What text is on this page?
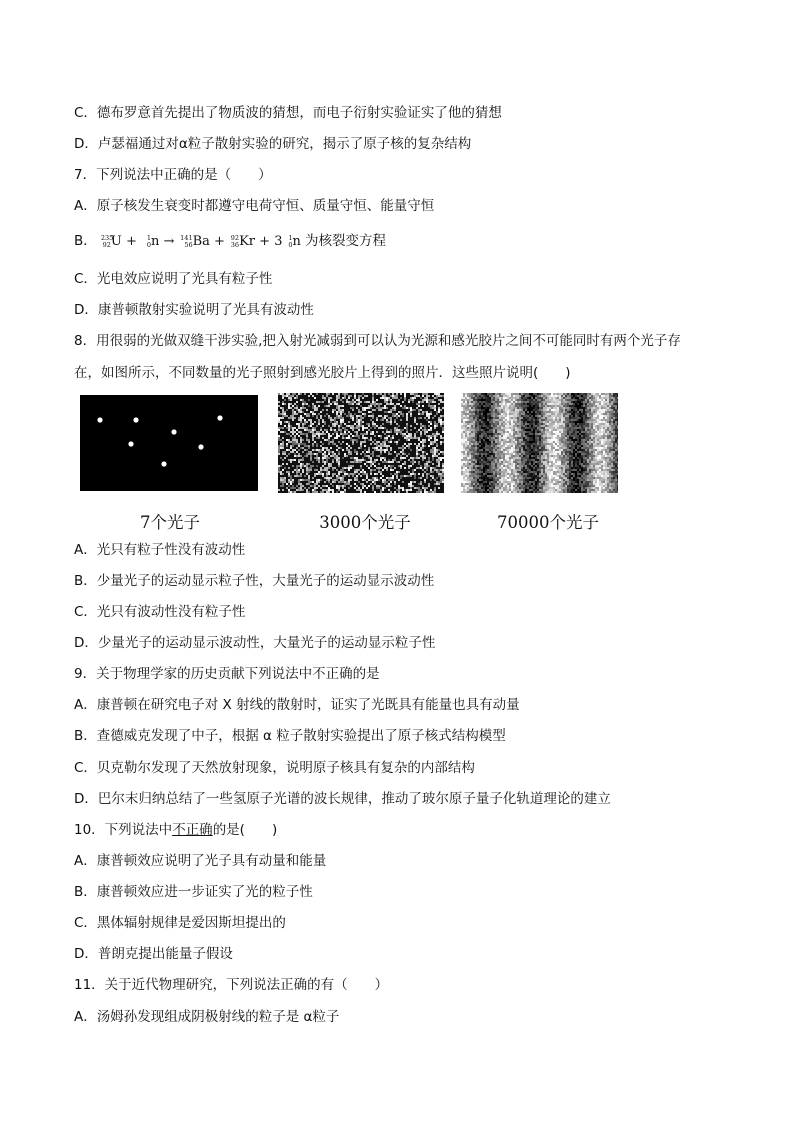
C．德布罗意首先提出了物质波的猜想，而电子衍射实验证实了他的猜想
D．卢瑟福通过对α粒子散射实验的研究，揭示了原子核的复杂结构
7．下列说法中正确的是（　　）
A．原子核发生衰变时都遵守电荷守恒、质量守恒、能量守恒
B． 235
92U + 1
0n → 141
56Ba + 92
36Kr + 3 1
0n 为核裂变方程
C．光电效应说明了光具有粒子性
D．康普顿散射实验说明了光具有波动性
8．用很弱的光做双缝干涉实验,把入射光减弱到可以认为光源和感光胶片之间不可能同时有两个光子存
在，如图所示，不同数量的光子照射到感光胶片上得到的照片．这些照片说明(　　)
7个光子	3000个光子	70000个光子
A．光只有粒子性没有波动性
B．少量光子的运动显示粒子性，大量光子的运动显示波动性
C．光只有波动性没有粒子性
D．少量光子的运动显示波动性，大量光子的运动显示粒子性
9．关于物理学家的历史贡献下列说法中不正确的是
A．康普顿在研究电子对 X 射线的散射时，证实了光既具有能量也具有动量
B．查德威克发现了中子，根据 α 粒子散射实验提出了原子核式结构模型
C．贝克勒尔发现了天然放射现象，说明原子核具有复杂的内部结构
D．巴尔末归纳总结了一些氢原子光谱的波长规律，推动了玻尔原子量子化轨道理论的建立
10．下列说法中不正确的是(　　)
A．康普顿效应说明了光子具有动量和能量
B．康普顿效应进一步证实了光的粒子性
C．黑体辐射规律是爱因斯坦提出的
D．普朗克提出能量子假设
11．关于近代物理研究，下列说法正确的有（　　）
A．汤姆孙发现组成阴极射线的粒子是 α粒子
